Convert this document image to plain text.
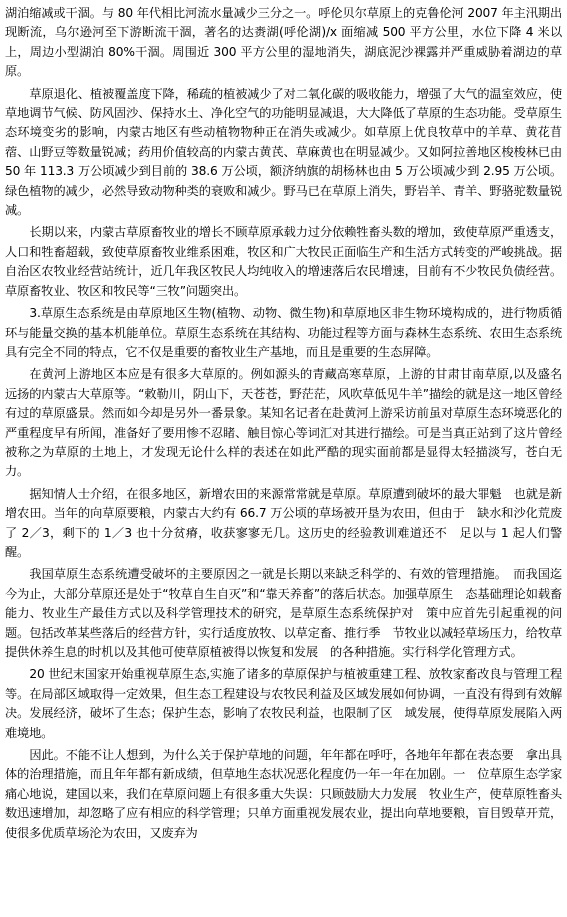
湖泊缩减或干涸。与 80 年代相比河流水量减少三分之一。呼伦贝尔草原上的克鲁伦河 2007 年主汛期出现断流，乌尔逊河至下游断流干涸，著名的达赉湖(呼伦湖)/x 面缩减 500 平方公里，水位下降 4 米以上，周边小型湖泊 80%干涸。周围近 300 平方公里的湿地消失，湖底泥沙裸露并严重威胁着湖边的草原。

草原退化、植被覆盖度下降，稀疏的植被减少了对二氧化碳的吸收能力，增强了大气的温室效应，使草地调节气候、防风固沙、保持水土、净化空气的功能明显减退，大大降低了草原的生态功能。受草原生态环境变劣的影响，内蒙古地区有些动植物物种正在消失或减少。如草原上优良牧草中的羊草、黄花苜蓿、山野豆等数量锐减；药用价值较高的内蒙古黄芪、草麻黄也在明显减少。又如阿拉善地区梭梭林已由 50 年 113.3 万公顷减少到目前的 38.6 万公顷，额济纳旗的胡杨林也由 5 万公顷减少到 2.95 万公顷。绿色植物的减少，必然导致动物种类的衰败和减少。野马已在草原上消失，野岩羊、青羊、野骆驼数量锐减。

长期以来，内蒙古草原畜牧业的增长不顾草原承载力过分依赖牲畜头数的增加，致使草原严重透支，人口和牲畜超载，致使草原畜牧业维系困难，牧区和广大牧民正面临生产和生活方式转变的严峻挑战。据自治区农牧业经营站统计，近几年我区牧民人均纯收入的增速落后农民增速，目前有不少牧民负债经营。草原畜牧业、牧区和牧民等“三牧”问题突出。

3.草原生态系统是由草原地区生物(植物、动物、微生物)和草原地区非生物环境构成的，进行物质循环与能量交换的基本机能单位。草原生态系统在其结构、功能过程等方面与森林生态系统、农田生态系统具有完全不同的特点，它不仅是重要的畜牧业生产基地，而且是重要的生态屏障。

在黄河上游地区本应是有很多大草原的。例如源头的青藏高寒草原，上游的甘肃甘南草原,以及盛名远扬的内蒙古大草原等。“敕勒川，阴山下，天苍苍，野茫茫，风吹草低见牛羊”描绘的就是这一地区曾经有过的草原盛景。然而如今却是另外一番景象。某知名记者在赴黄河上游采访前虽对草原生态环境恶化的严重程度早有所闻，准备好了要用惨不忍睹、触目惊心等词汇对其进行描绘。可是当真正站到了这片曾经被称之为草原的土地上，才发现无论什么样的表述在如此严酷的现实面前都是显得太轻描淡写，苍白无力。

据知情人士介绍，在很多地区，新增农田的来源常常就是草原。草原遭到破坏的最大罪魁　也就是新增农田。当年的向草原要粮，内蒙古大约有 66.7 万公顷的草场被开垦为农田，但由于　缺水和沙化荒废了 2／3，剩下的 1／3 也十分贫瘠，收获寥寥无几。这历史的经验教训难道还不　足以与 1 起人们警醒。

我国草原生态系统遭受破坏的主要原因之一就是长期以来缺乏科学的、有效的管理措施。　而我国迄今为止，大部分草原还是处于“牧草自生自灭”和“靠天养畜”的落后状态。加强草原生　态基础理论如载畜能力、牧业生产最佳方式以及科学管理技术的研究，是草原生态系统保护对　策中应首先引起重视的问题。包括改革某些落后的经营方针，实行适度放牧、以草定畜、推行季　节牧业以减轻草场压力，给牧草提供休养生息的时机以及其他可使草原植被得以恢复和发展　的各种措施。实行科学化管理方式。

20 世纪末国家开始重视草原生态,实施了诸多的草原保护与植被重建工程、放牧家畜改良与管理工程等。在局部区域取得一定效果，但生态工程建设与农牧民利益及区域发展如何协调，一直没有得到有效解决。发展经济，破坏了生态；保护生态，影响了农牧民利益，也限制了区　域发展，使得草原发展陷入两难境地。

因此。不能不让人想到，为什么关于保护草地的问题，年年都在呼吁，各地年年都在表态要　拿出具体的治理措施，而且年年都有新成绩，但草地生态状况恶化程度仍一年一年在加剧。一　位草原生态学家痛心地说，建国以来，我们在草原问题上有很多重大失误：只顾鼓励大力发展　牧业生产，使草原牲畜头数迅速增加，却忽略了应有相应的科学管理；只单方面重视发展农业，提出向草地要粮，盲目毁草开荒，使很多优质草场沦为农田，又废弃为
